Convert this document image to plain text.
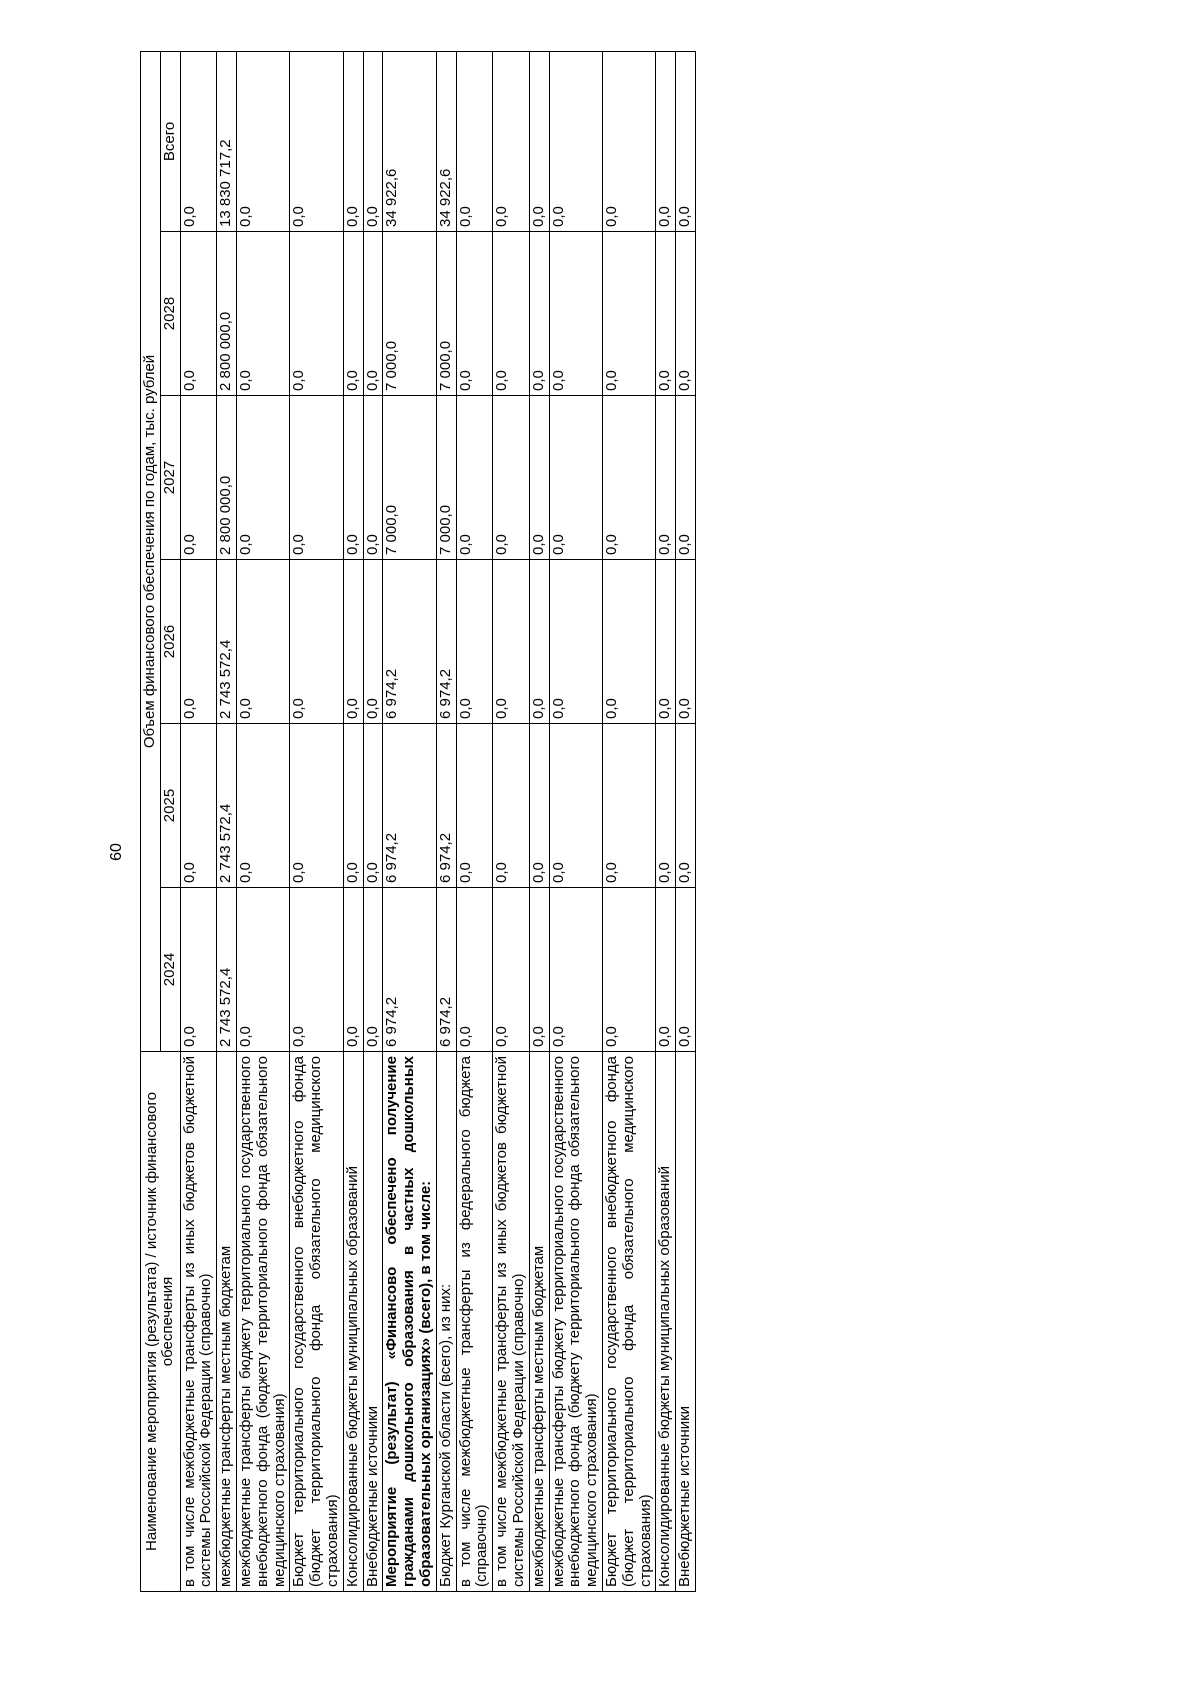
60
Наименование мероприятия (результата) / источник финансового обеспечения	Объем финансового обеспечения по годам, тыс. рублей					
	2024	2025	2026	2027	2028	Всего
в том числе межбюджетные трансферты из иных бюджетов бюджетной системы Российской Федерации (справочно)	0,0	0,0	0,0	0,0	0,0	0,0
межбюджетные трансферты местным бюджетам	2 743 572,4	2 743 572,4	2 743 572,4	2 800 000,0	2 800 000,0	13 830 717,2
межбюджетные трансферты бюджету территориального государственного внебюджетного фонда (бюджету территориального фонда обязательного медицинского страхования)	0,0	0,0	0,0	0,0	0,0	0,0
Бюджет территориального государственного внебюджетного фонда (бюджет территориального фонда обязательного медицинского страхования)	0,0	0,0	0,0	0,0	0,0	0,0
Консолидированные бюджеты муниципальных образований	0,0	0,0	0,0	0,0	0,0	0,0
Внебюджетные источники	0,0	0,0	0,0	0,0	0,0	0,0
Мероприятие (результат) «Финансово обеспечено получение гражданами дошкольного образования в частных дошкольных образовательных организациях» (всего), в том числе:	6 974,2	6 974,2	6 974,2	7 000,0	7 000,0	34 922,6
Бюджет Курганской области (всего), из них:	6 974,2	6 974,2	6 974,2	7 000,0	7 000,0	34 922,6
в том числе межбюджетные трансферты из федерального бюджета (справочно)	0,0	0,0	0,0	0,0	0,0	0,0
в том числе межбюджетные трансферты из иных бюджетов бюджетной системы Российской Федерации (справочно)	0,0	0,0	0,0	0,0	0,0	0,0
межбюджетные трансферты местным бюджетам	0,0	0,0	0,0	0,0	0,0	0,0
межбюджетные трансферты бюджету территориального государственного внебюджетного фонда (бюджету территориального фонда обязательного медицинского страхования)	0,0	0,0	0,0	0,0	0,0	0,0
Бюджет территориального государственного внебюджетного фонда (бюджет территориального фонда обязательного медицинского страхования)	0,0	0,0	0,0	0,0	0,0	0,0
Консолидированные бюджеты муниципальных образований	0,0	0,0	0,0	0,0	0,0	0,0
Внебюджетные источники	0,0	0,0	0,0	0,0	0,0	0,0
